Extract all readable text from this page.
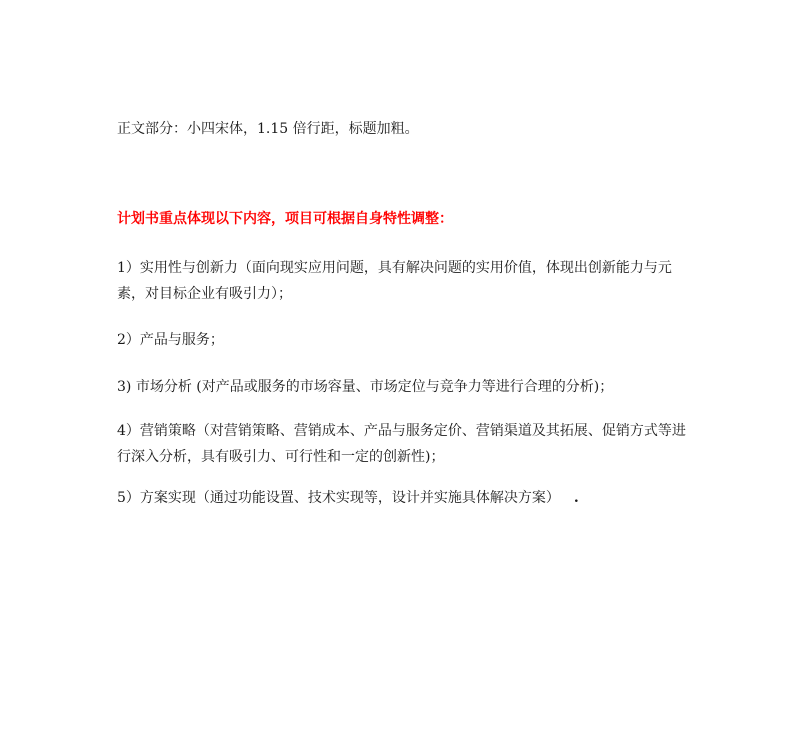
正文部分：小四宋体，1.15 倍行距，标题加粗。
计划书重点体现以下内容，项目可根据自身特性调整：
1）实用性与创新力（面向现实应用问题，具有解决问题的实用价值，体现出创新能力与元素，对目标企业有吸引力）；
2）产品与服务；
3) 市场分析 (对产品或服务的市场容量、市场定位与竞争力等进行合理的分析)；
4）营销策略（对营销策略、营销成本、产品与服务定价、营销渠道及其拓展、促销方式等进行深入分析，具有吸引力、可行性和一定的创新性)；
5）方案实现（通过功能设置、技术实现等，设计并实施具体解决方案） .
